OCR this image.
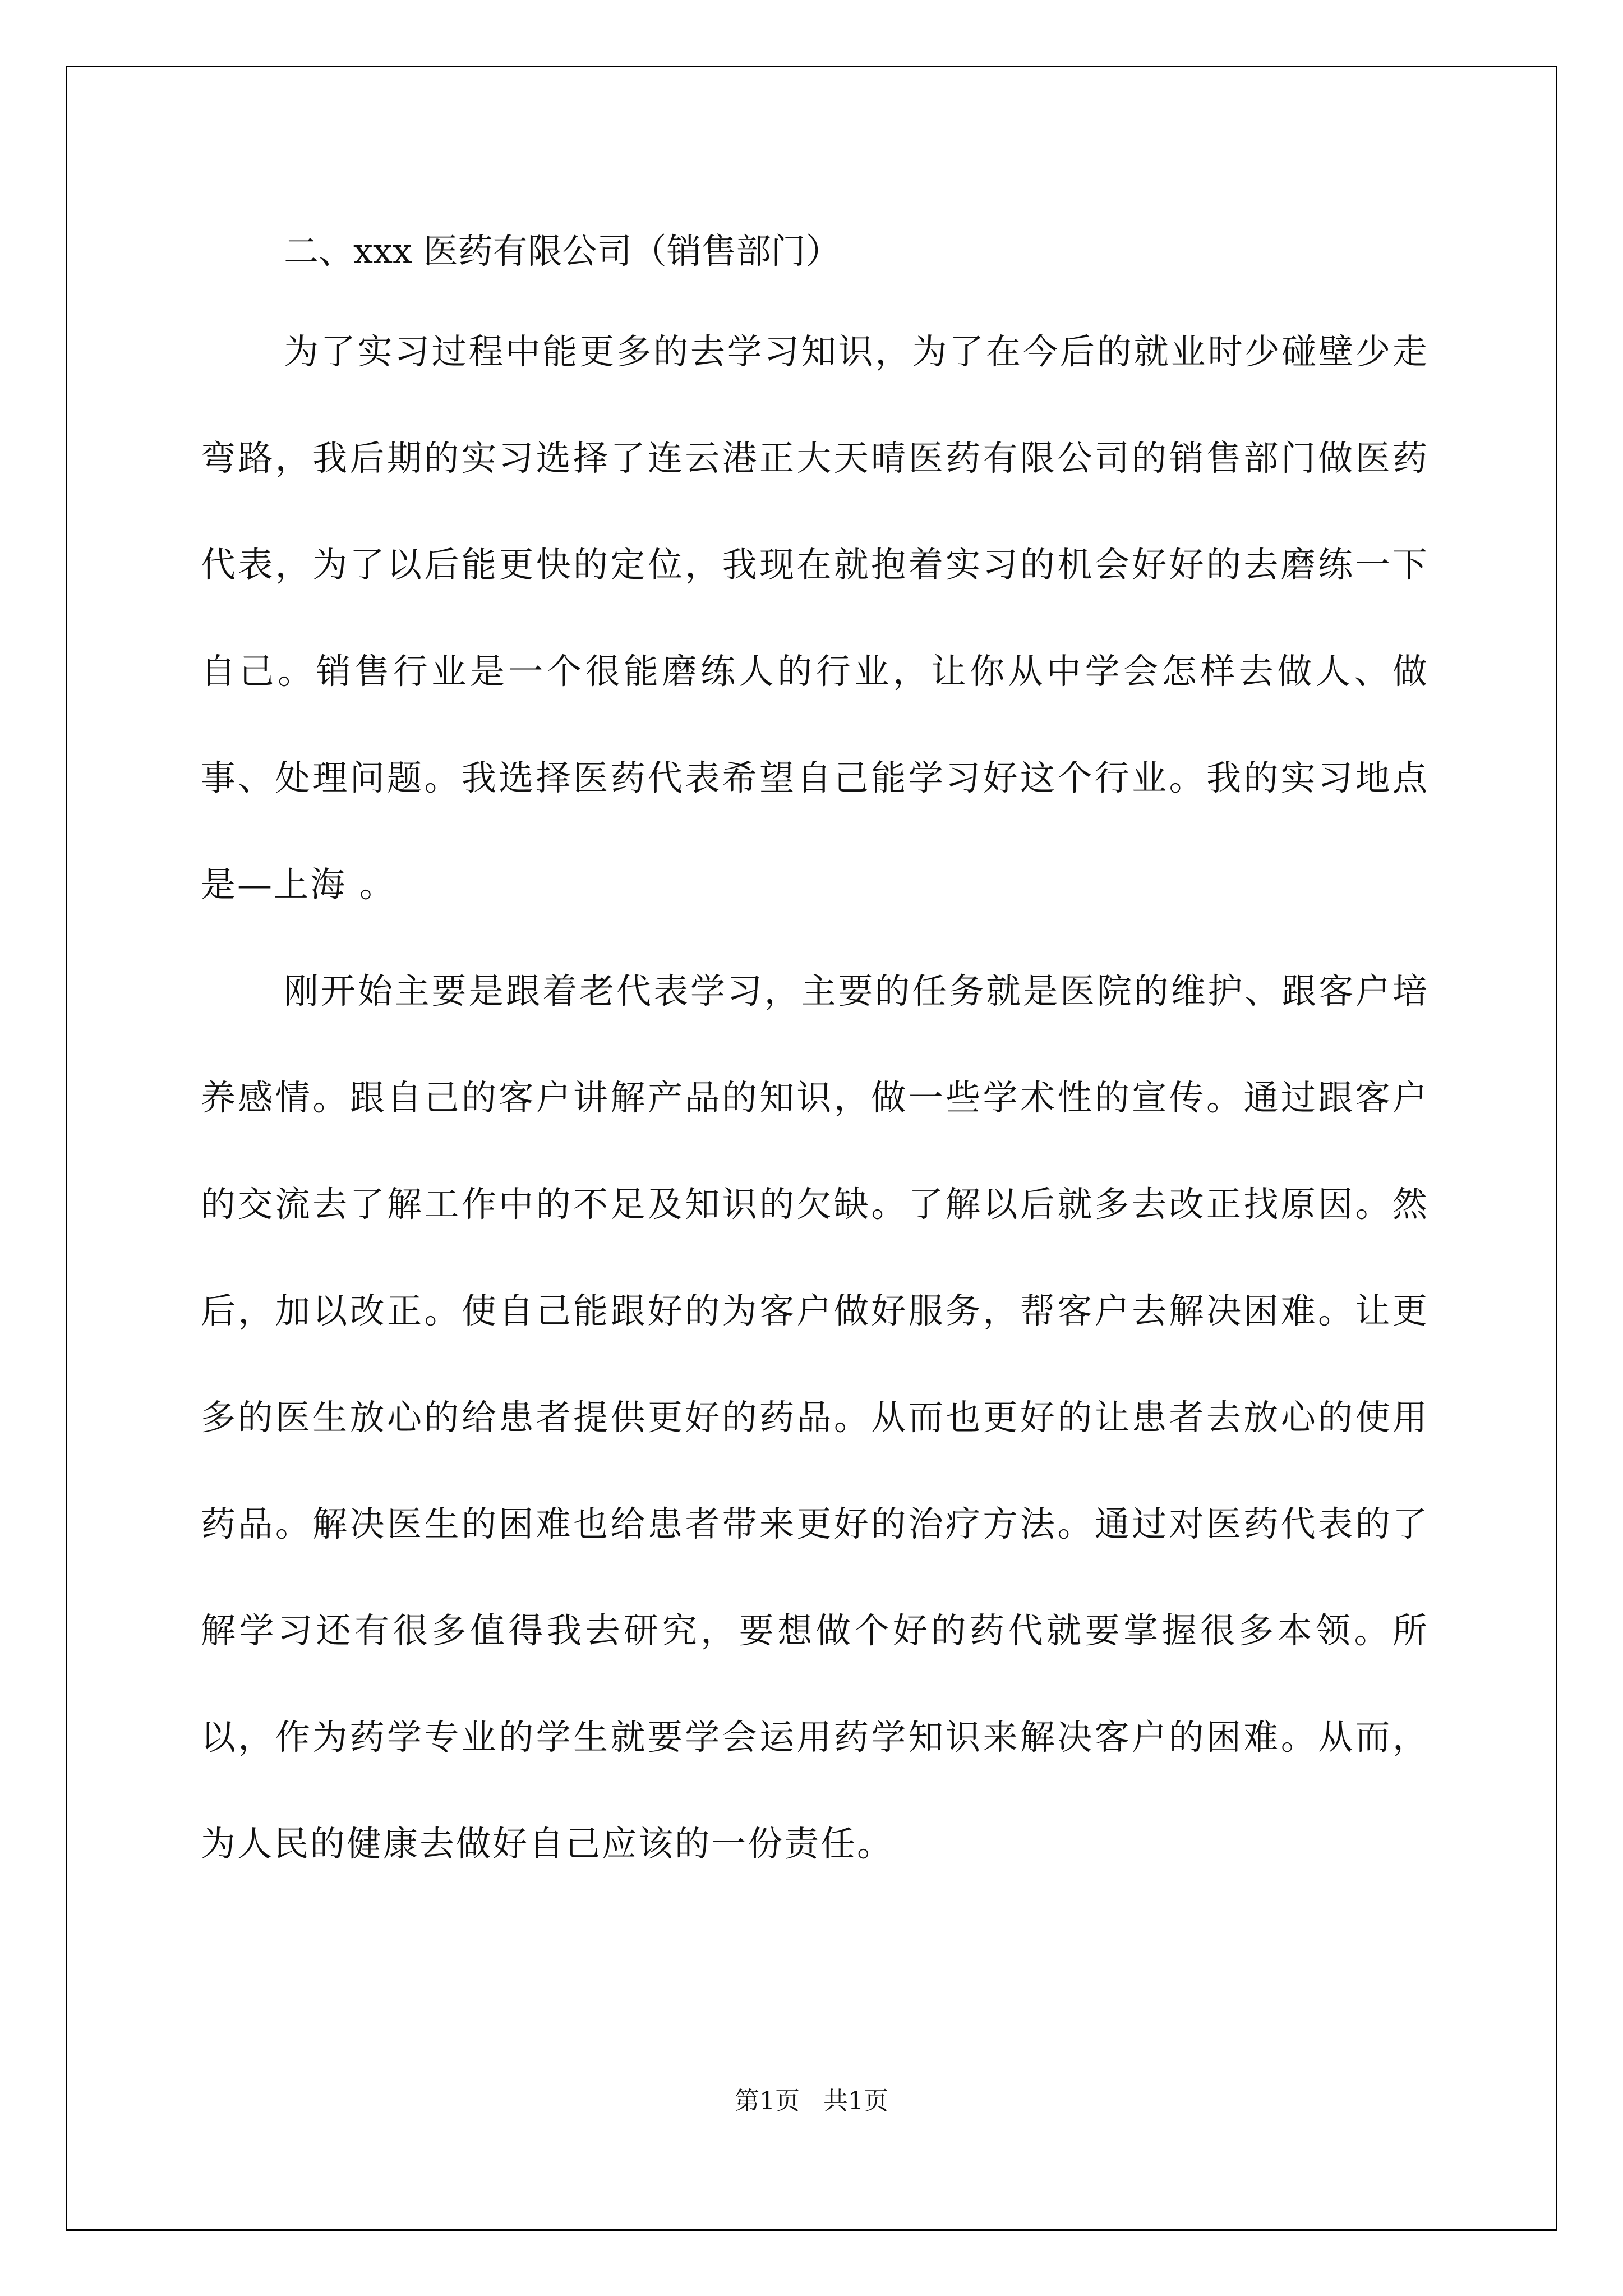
二、xxx 医药有限公司（销售部门）

为了实习过程中能更多的去学习知识，为了在今后的就业时少碰壁少走弯路，我后期的实习选择了连云港正大天晴医药有限公司的销售部门做医药代表，为了以后能更快的定位，我现在就抱着实习的机会好好的去磨练一下自己。销售行业是一个很能磨练人的行业，让你从中学会怎样去做人、做事、处理问题。我选择医药代表希望自己能学习好这个行业。我的实习地点是—上海 。

刚开始主要是跟着老代表学习，主要的任务就是医院的维护、跟客户培养感情。跟自己的客户讲解产品的知识，做一些学术性的宣传。通过跟客户的交流去了解工作中的不足及知识的欠缺。了解以后就多去改正找原因。然后，加以改正。使自己能跟好的为客户做好服务，帮客户去解决困难。让更多的医生放心的给患者提供更好的药品。从而也更好的让患者去放心的使用药品。解决医生的困难也给患者带来更好的治疗方法。通过对医药代表的了解学习还有很多值得我去研究，要想做个好的药代就要掌握很多本领。所以，作为药学专业的学生就要学会运用药学知识来解决客户的困难。从而，为人民的健康去做好自己应该的一份责任。

第1页 共1页
